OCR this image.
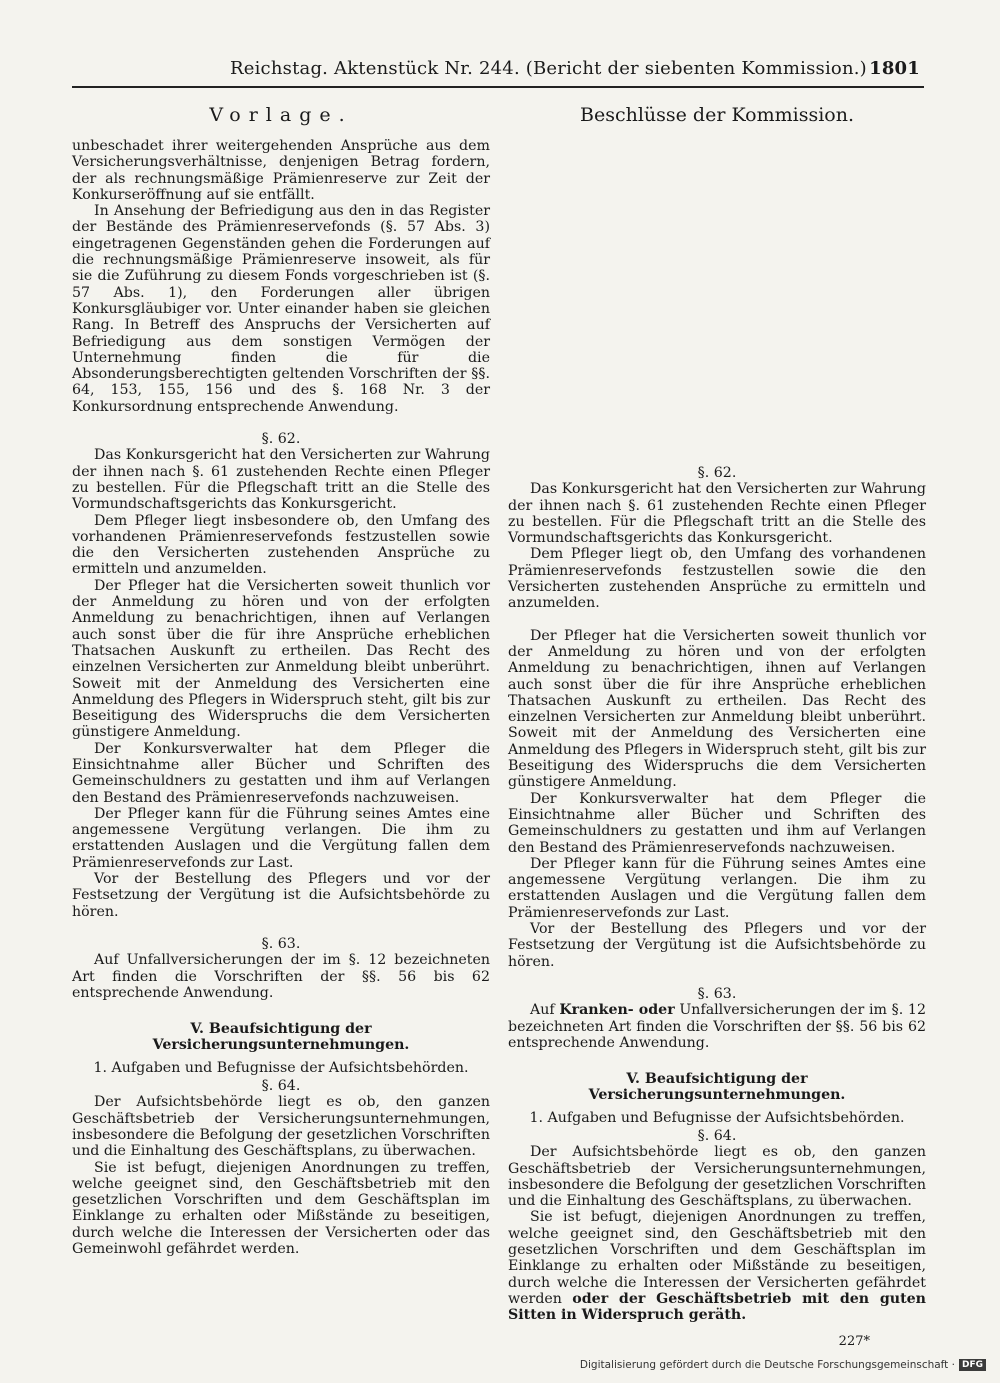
Reichstag. Aktenstück Nr. 244. (Bericht der siebenten Kommission.) 1801
Vorlage.

unbeschadet ihrer weitergehenden Ansprüche aus dem Versicherungsverhältnisse, denjenigen Betrag fordern, der als rechnungsmäßige Prämienreserve zur Zeit der Konkurseröffnung auf sie entfällt.

In Ansehung der Befriedigung aus den in das Register der Bestände des Prämienreservefonds (§. 57 Abs. 3) eingetragenen Gegenständen gehen die Forderungen auf die rechnungsmäßige Prämienreserve insoweit, als für sie die Zuführung zu diesem Fonds vorgeschrieben ist (§. 57 Abs. 1), den Forderungen aller übrigen Konkursgläubiger vor. Unter einander haben sie gleichen Rang. In Betreff des Anspruchs der Versicherten auf Befriedigung aus dem sonstigen Vermögen der Unternehmung finden die für die Absonderungsberechtigten geltenden Vorschriften der §§. 64, 153, 155, 156 und des §. 168 Nr. 3 der Konkursordnung entsprechende Anwendung.

§. 62.

Das Konkursgericht hat den Versicherten zur Wahrung der ihnen nach §. 61 zustehenden Rechte einen Pfleger zu bestellen. Für die Pflegschaft tritt an die Stelle des Vormundschaftsgerichts das Konkursgericht.

Dem Pfleger liegt insbesondere ob, den Umfang des vorhandenen Prämienreservefonds festzustellen sowie die den Versicherten zustehenden Ansprüche zu ermitteln und anzumelden.

Der Pfleger hat die Versicherten soweit thunlich vor der Anmeldung zu hören und von der erfolgten Anmeldung zu benachrichtigen, ihnen auf Verlangen auch sonst über die für ihre Ansprüche erheblichen Thatsachen Auskunft zu ertheilen. Das Recht des einzelnen Versicherten zur Anmeldung bleibt unberührt. Soweit mit der Anmeldung des Versicherten eine Anmeldung des Pflegers in Widerspruch steht, gilt bis zur Beseitigung des Widerspruchs die dem Versicherten günstigere Anmeldung.

Der Konkursverwalter hat dem Pfleger die Einsichtnahme aller Bücher und Schriften des Gemeinschuldners zu gestatten und ihm auf Verlangen den Bestand des Prämienreservefonds nachzuweisen.

Der Pfleger kann für die Führung seines Amtes eine angemessene Vergütung verlangen. Die ihm zu erstattenden Auslagen und die Vergütung fallen dem Prämienreservefonds zur Last.

Vor der Bestellung des Pflegers und vor der Festsetzung der Vergütung ist die Aufsichtsbehörde zu hören.

§. 63.

Auf Unfallversicherungen der im §. 12 bezeichneten Art finden die Vorschriften der §§. 56 bis 62 entsprechende Anwendung.

V. Beaufsichtigung der Versicherungsunternehmungen.
1. Aufgaben und Befugnisse der Aufsichtsbehörden.
§. 64.

Der Aufsichtsbehörde liegt es ob, den ganzen Geschäftsbetrieb der Versicherungsunternehmungen, insbesondere die Befolgung der gesetzlichen Vorschriften und die Einhaltung des Geschäftsplans, zu überwachen.

Sie ist befugt, diejenigen Anordnungen zu treffen, welche geeignet sind, den Geschäftsbetrieb mit den gesetzlichen Vorschriften und dem Geschäftsplan im Einklange zu erhalten oder Mißstände zu beseitigen, durch welche die Interessen der Versicherten oder das Gemeinwohl gefährdet werden.

Beschlüsse der Kommission.
§. 62.

Das Konkursgericht hat den Versicherten zur Wahrung der ihnen nach §. 61 zustehenden Rechte einen Pfleger zu bestellen. Für die Pflegschaft tritt an die Stelle des Vormundschaftsgerichts das Konkursgericht.

Dem Pfleger liegt ob, den Umfang des vorhandenen Prämienreservefonds festzustellen sowie die den Versicherten zustehenden Ansprüche zu ermitteln und anzumelden.

Der Pfleger hat die Versicherten soweit thunlich vor der Anmeldung zu hören und von der erfolgten Anmeldung zu benachrichtigen, ihnen auf Verlangen auch sonst über die für ihre Ansprüche erheblichen Thatsachen Auskunft zu ertheilen. Das Recht des einzelnen Versicherten zur Anmeldung bleibt unberührt. Soweit mit der Anmeldung des Versicherten eine Anmeldung des Pflegers in Widerspruch steht, gilt bis zur Beseitigung des Widerspruchs die dem Versicherten günstigere Anmeldung.

Der Konkursverwalter hat dem Pfleger die Einsichtnahme aller Bücher und Schriften des Gemeinschuldners zu gestatten und ihm auf Verlangen den Bestand des Prämienreservefonds nachzuweisen.

Der Pfleger kann für die Führung seines Amtes eine angemessene Vergütung verlangen. Die ihm zu erstattenden Auslagen und die Vergütung fallen dem Prämienreservefonds zur Last.

Vor der Bestellung des Pflegers und vor der Festsetzung der Vergütung ist die Aufsichtsbehörde zu hören.

§. 63.

Auf Kranken- oder Unfallversicherungen der im §. 12 bezeichneten Art finden die Vorschriften der §§. 56 bis 62 entsprechende Anwendung.

V. Beaufsichtigung der Versicherungsunternehmungen.
1. Aufgaben und Befugnisse der Aufsichtsbehörden.
§. 64.

Der Aufsichtsbehörde liegt es ob, den ganzen Geschäftsbetrieb der Versicherungsunternehmungen, insbesondere die Befolgung der gesetzlichen Vorschriften und die Einhaltung des Geschäftsplans, zu überwachen.

Sie ist befugt, diejenigen Anordnungen zu treffen, welche geeignet sind, den Geschäftsbetrieb mit den gesetzlichen Vorschriften und dem Geschäftsplan im Einklange zu erhalten oder Mißstände zu beseitigen, durch welche die Interessen der Versicherten gefährdet werden oder der Geschäftsbetrieb mit den guten Sitten in Widerspruch geräth.

227*
Digitalisierung gefördert durch die Deutsche Forschungsgemeinschaft · DFG
